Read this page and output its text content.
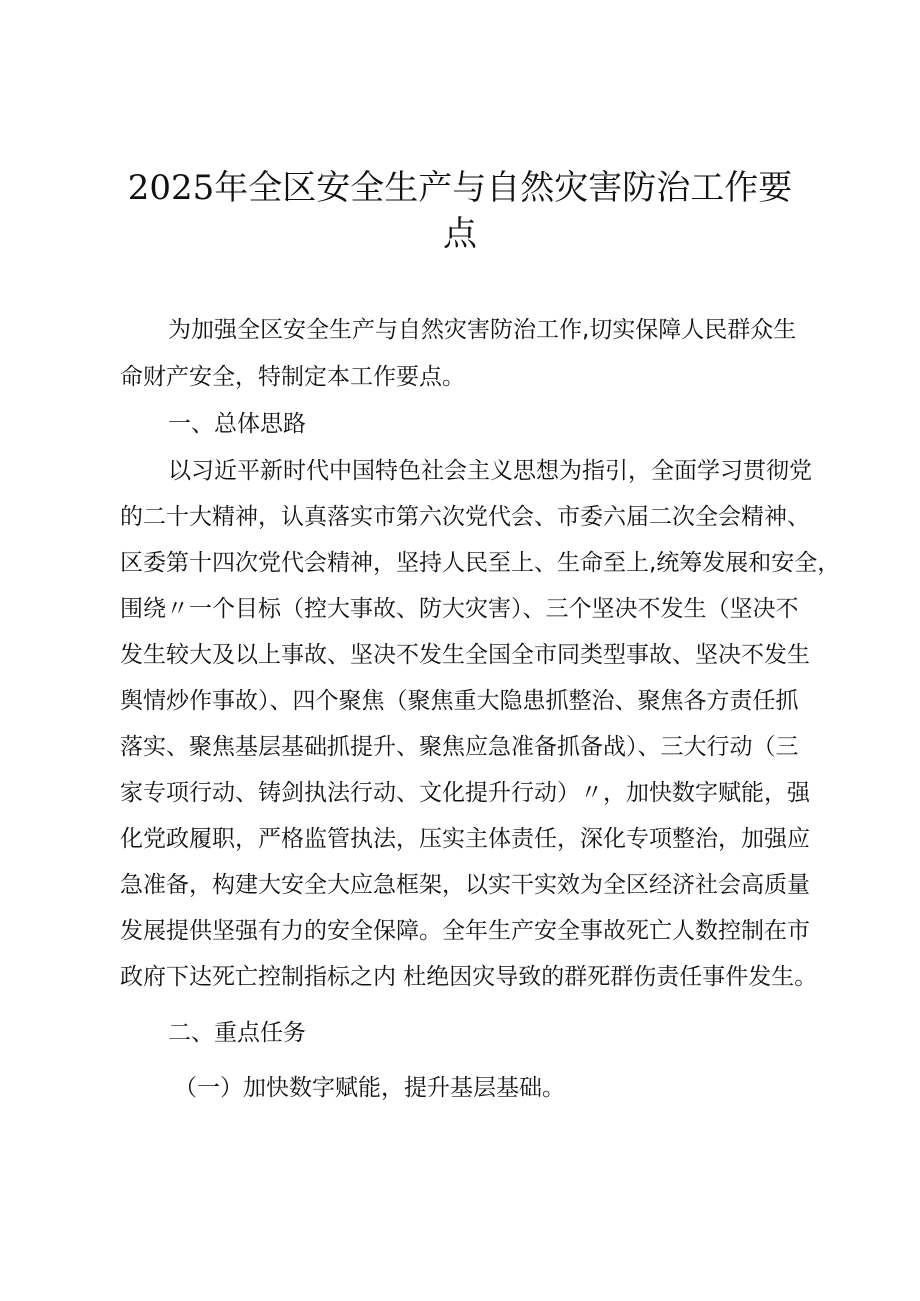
2025年全区安全生产与自然灾害防治工作要
点
为加强全区安全生产与自然灾害防治工作,切实保障人民群众生
命财产安全，特制定本工作要点。
一、总体思路
以习近平新时代中国特色社会主义思想为指引，全面学习贯彻党
的二十大精神，认真落实市第六次党代会、市委六届二次全会精神、
区委第十四次党代会精神，坚持人民至上、生命至上,统筹发展和安全，
围绕〃一个目标（控大事故、防大灾害）、三个坚决不发生（坚决不
发生较大及以上事故、坚决不发生全国全市同类型事故、坚决不发生
舆情炒作事故）、四个聚焦（聚焦重大隐患抓整治、聚焦各方责任抓
落实、聚焦基层基础抓提升、聚焦应急准备抓备战）、三大行动（三
家专项行动、铸剑执法行动、文化提升行动）〃，加快数字赋能，强
化党政履职，严格监管执法，压实主体责任，深化专项整治，加强应
急准备，构建大安全大应急框架，以实干实效为全区经济社会高质量
发展提供坚强有力的安全保障。全年生产安全事故死亡人数控制在市
政府下达死亡控制指标之内 杜绝因灾导致的群死群伤责任事件发生。
二、重点任务
（一）加快数字赋能，提升基层基础。
